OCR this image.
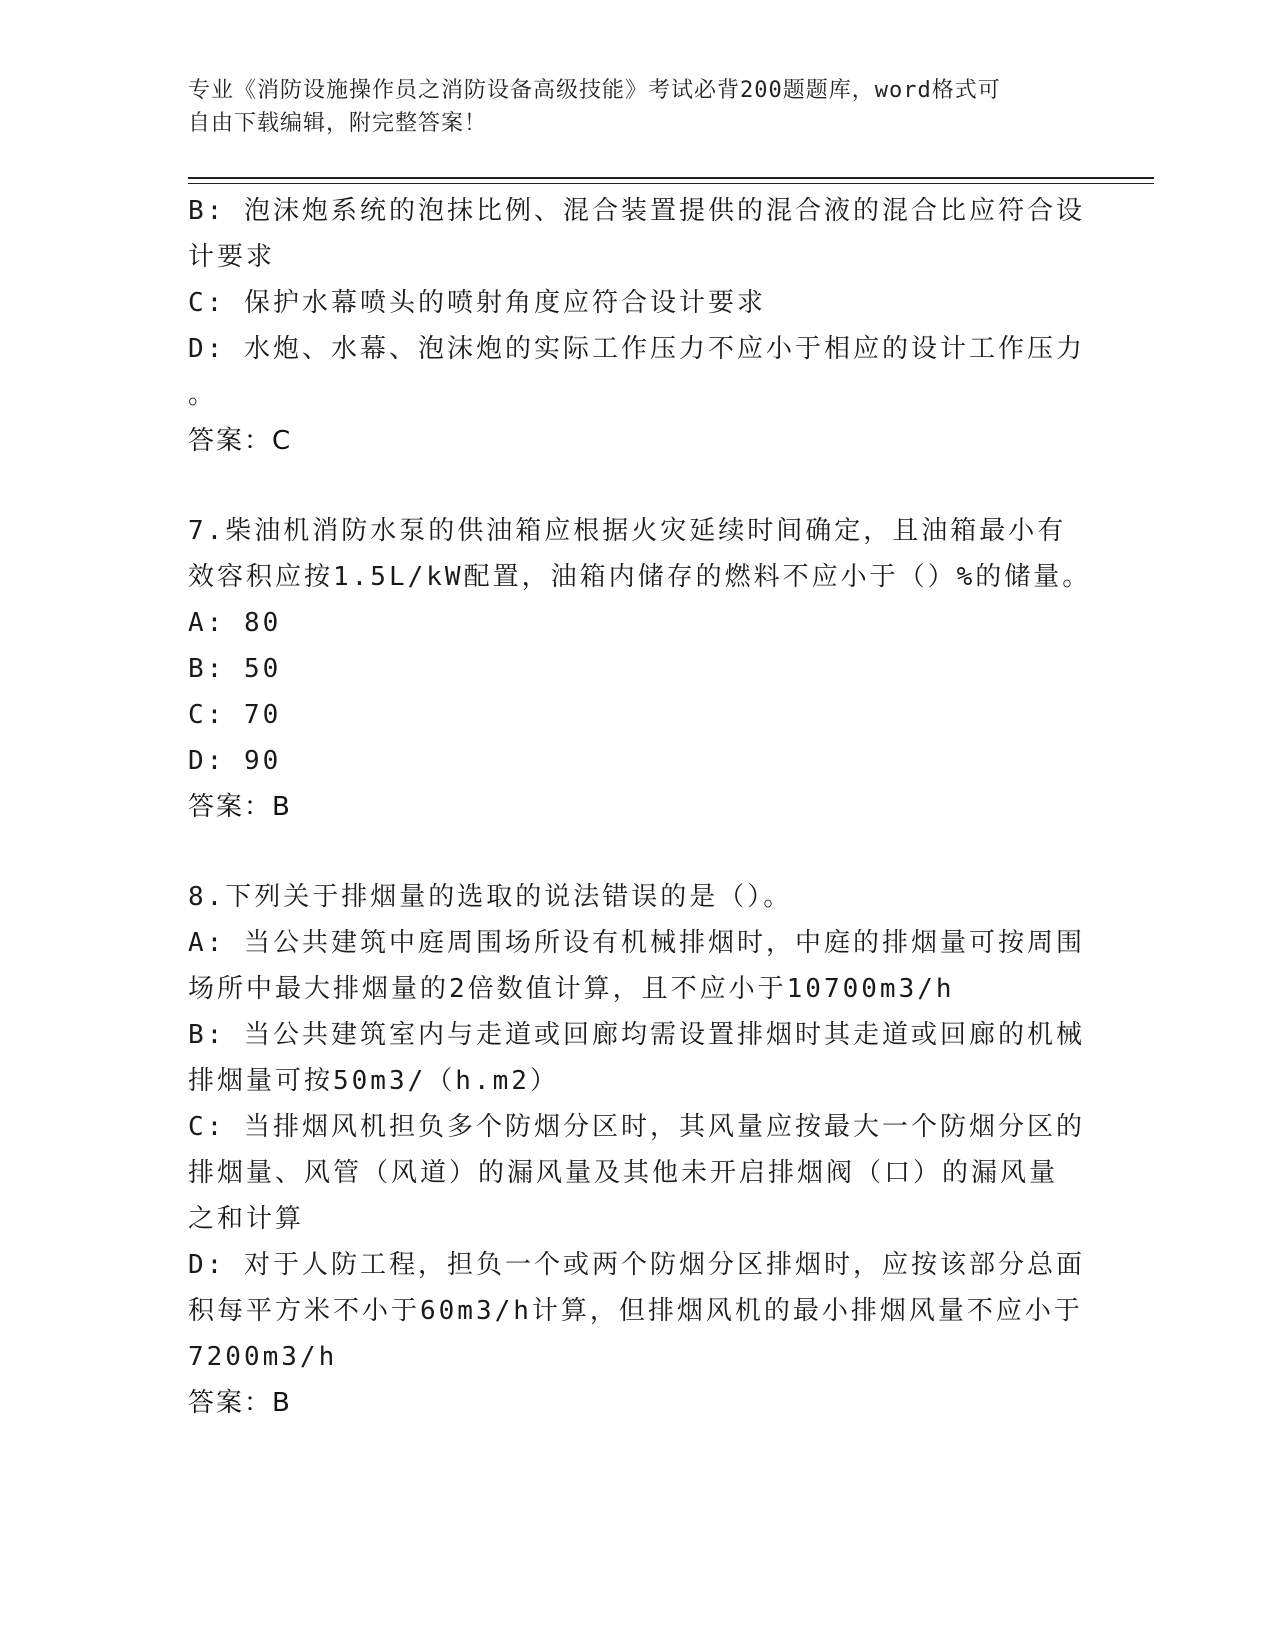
专业《消防设施操作员之消防设备高级技能》考试必背200题题库，word格式可
自由下载编辑，附完整答案！
B: 泡沫炮系统的泡抹比例、混合装置提供的混合液的混合比应符合设
计要求
C: 保护水幕喷头的喷射角度应符合设计要求
D: 水炮、水幕、泡沫炮的实际工作压力不应小于相应的设计工作压力
。
答案：C
7.柴油机消防水泵的供油箱应根据火灾延续时间确定，且油箱最小有
效容积应按1.5L/kW配置，油箱内储存的燃料不应小于（）%的储量。
A: 80
B: 50
C: 70
D: 90
答案：B
8.下列关于排烟量的选取的说法错误的是（）。
A: 当公共建筑中庭周围场所设有机械排烟时，中庭的排烟量可按周围
场所中最大排烟量的2倍数值计算，且不应小于10700m3/h
B: 当公共建筑室内与走道或回廊均需设置排烟时其走道或回廊的机械
排烟量可按50m3/（h.m2）
C: 当排烟风机担负多个防烟分区时，其风量应按最大一个防烟分区的
排烟量、风管（风道）的漏风量及其他未开启排烟阀（口）的漏风量
之和计算
D: 对于人防工程，担负一个或两个防烟分区排烟时，应按该部分总面
积每平方米不小于60m3/h计算，但排烟风机的最小排烟风量不应小于
7200m3/h
答案：B
